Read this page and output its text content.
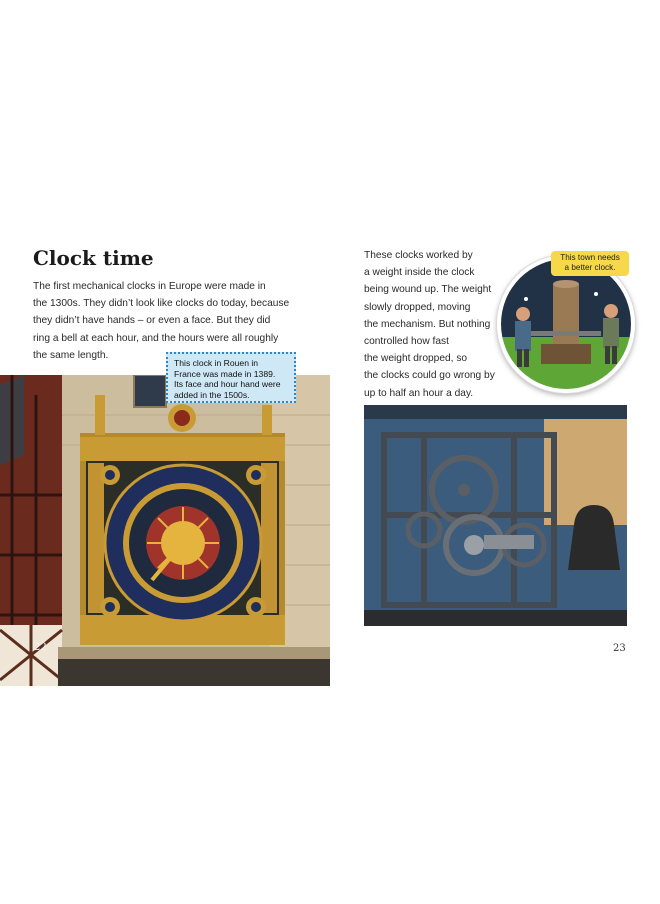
Clock time
The first mechanical clocks in Europe were made in
the 1300s. They didn’t look like clocks do today, because
they didn’t have hands – or even a face. But they did
ring a bell at each hour, and the hours were all roughly
the same length.
These clocks worked by
a weight inside the clock
being wound up. The weight
slowly dropped, moving
the mechanism. But nothing
controlled how fast
the weight dropped, so
the clocks could go wrong by
up to half an hour a day.
This clock in Rouen in
France was made in 1389.
Its face and hour hand were
added in the 1500s.
This town needs
a better clock.
22	23
